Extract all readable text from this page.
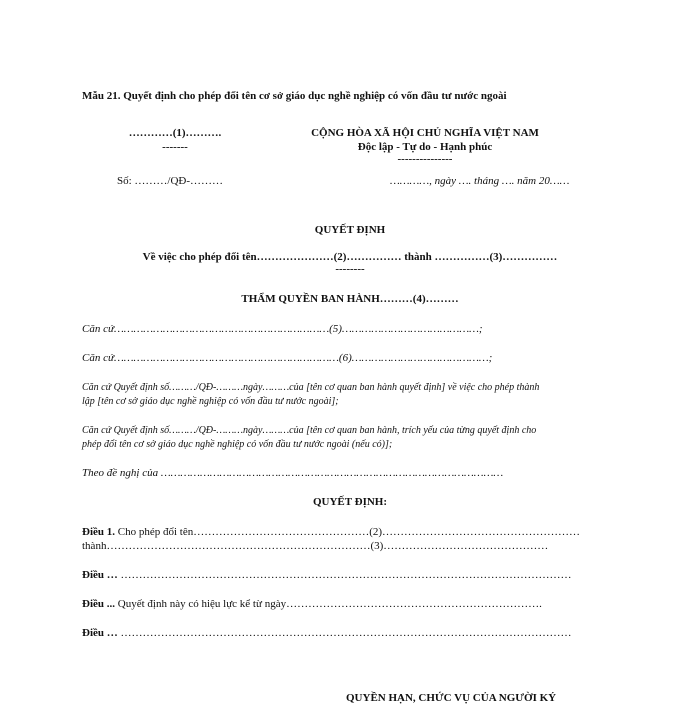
Mẫu 21. Quyết định cho phép đổi tên cơ sở giáo dục nghề nghiệp có vốn đầu tư nước ngoài
…………(1)……….
-------
CỘNG HÒA XÃ HỘI CHỦ NGHĨA VIỆT NAM
Độc lập - Tự do - Hạnh phúc
---------------
Số: ………/QĐ-………	…………, ngày …. tháng …. năm 20……
QUYẾT ĐỊNH
Về việc cho phép đổi tên…………………(2)…………… thành ……………(3)……………
--------
THẨM QUYỀN BAN HÀNH………(4)………
Căn cứ…………………………………………………………(5)……………………………………;
Căn cứ……………………………………………………………(6)……………………………………;
Căn cứ Quyết định số………/QĐ-………ngày………của [tên cơ quan ban hành quyết định] về việc cho phép thành
lập [tên cơ sở giáo dục nghề nghiệp có vốn đầu tư nước ngoài];
Căn cứ Quyết định số………/QĐ-………ngày………của [tên cơ quan ban hành, trích yếu của từng quyết định cho
phép đổi tên cơ sở giáo dục nghề nghiệp có vốn đầu tư nước ngoài (nếu có)];
Theo đề nghị của ……………………………………………………………………………………………
QUYẾT ĐỊNH:
Điều 1. Cho phép đổi tên…………………………………………(2)………………………………………………
thành………………………………………………………………(3)………………………………………
Điều … ……………………………………………………………………………………………………………
Điều ... Quyết định này có hiệu lực kể từ ngày…………………………………………………………….
Điều … ……………………………………………………………………………………………………………
QUYỀN HẠN, CHỨC VỤ CỦA NGƯỜI KÝ
